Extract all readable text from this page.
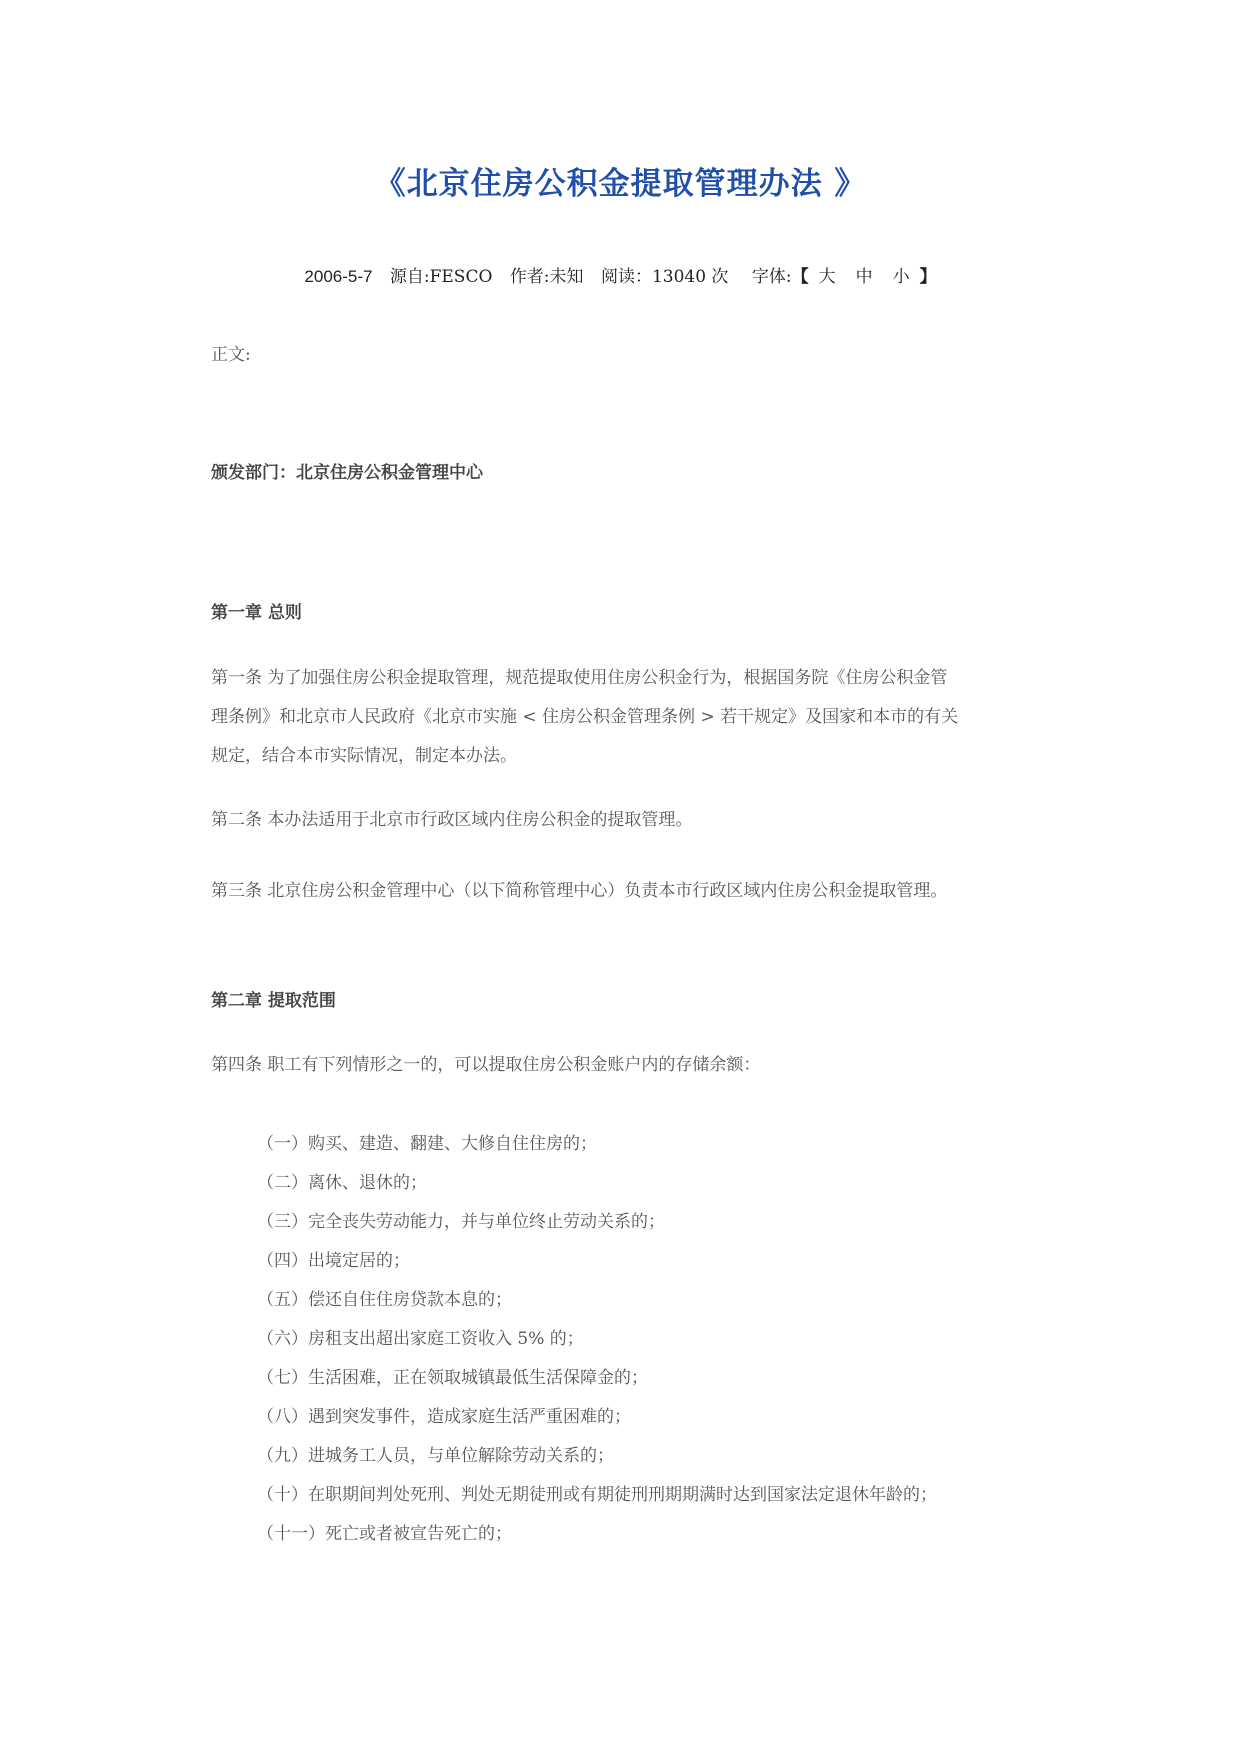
《北京住房公积金提取管理办法 》
2006-5-7 源自:FESCO 作者:未知 阅读：13040 次 字体:【 大 中 小 】
正文:
颁发部门：北京住房公积金管理中心
第一章 总则
第一条 为了加强住房公积金提取管理，规范提取使用住房公积金行为，根据国务院《住房公积金管
理条例》和北京市人民政府《北京市实施 < 住房公积金管理条例 > 若干规定》及国家和本市的有关
规定，结合本市实际情况，制定本办法。
第二条 本办法适用于北京市行政区域内住房公积金的提取管理。
第三条 北京住房公积金管理中心（以下简称管理中心）负责本市行政区域内住房公积金提取管理。
第二章 提取范围
第四条 职工有下列情形之一的，可以提取住房公积金账户内的存储余额：
（一）购买、建造、翻建、大修自住住房的；
（二）离休、退休的；
（三）完全丧失劳动能力，并与单位终止劳动关系的；
（四）出境定居的；
（五）偿还自住住房贷款本息的；
（六）房租支出超出家庭工资收入 5% 的；
（七）生活困难，正在领取城镇最低生活保障金的；
（八）遇到突发事件，造成家庭生活严重困难的；
（九）进城务工人员，与单位解除劳动关系的；
（十）在职期间判处死刑、判处无期徒刑或有期徒刑刑期期满时达到国家法定退休年龄的；
（十一）死亡或者被宣告死亡的；
